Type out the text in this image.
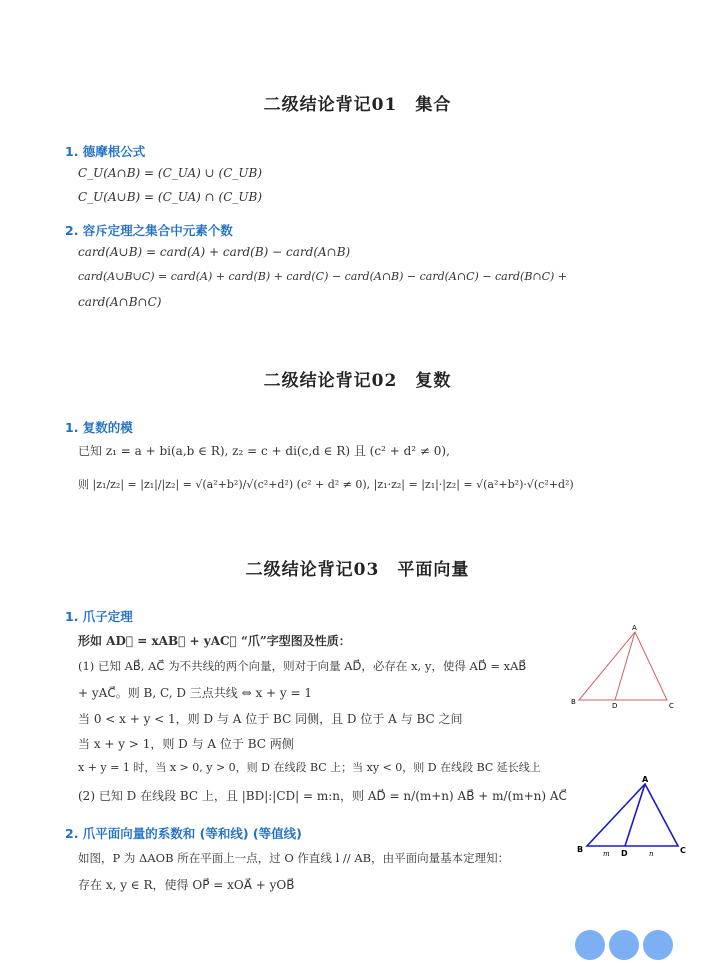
二级结论背记01　集合
1. 德摩根公式
C_U(A∩B) = (C_UA) ∪ (C_UB)
C_U(A∪B) = (C_UA) ∩ (C_UB)
2. 容斥定理之集合中元素个数
card(A∪B) = card(A) + card(B) − card(A∩B)
card(A∪B∪C) = card(A) + card(B) + card(C) − card(A∩B) − card(A∩C) − card(B∩C) +
card(A∩B∩C)
二级结论背记02　复数
1. 复数的模
已知 z₁ = a + bi(a,b ∈ R), z₂ = c + di(c,d ∈ R) 且 (c² + d² ≠ 0),
则 |z₁/z₂| = |z₁|/|z₂| = √(a²+b²)/√(c²+d²) (c² + d² ≠ 0), |z₁·z₂| = |z₁|·|z₂| = √(a²+b²)·√(c²+d²)
二级结论背记03　平面向量
1. 爪子定理
形如 AD⃗ = xAB⃗ + yAC⃗ “爪”字型图及性质：
(1) 已知 AB⃗, AC⃗ 为不共线的两个向量，则对于向量 AD⃗，必存在 x, y，使得 AD⃗ = xAB⃗
+ yAC⃗。则 B, C, D 三点共线 ⇔ x + y = 1
当 0 < x + y < 1，则 D 与 A 位于 BC 同侧，且 D 位于 A 与 BC 之间
当 x + y > 1，则 D 与 A 位于 BC 两侧
x + y = 1 时，当 x > 0, y > 0，则 D 在线段 BC 上；当 xy < 0，则 D 在线段 BC 延长线上
(2) 已知 D 在线段 BC 上，且 |BD|:|CD| = m:n，则 AD⃗ = n/(m+n) AB⃗ + m/(m+n) AC⃗
2. 爪平面向量的系数和 (等和线) (等值线)
如图，P 为 ΔAOB 所在平面上一点，过 O 作直线 l // AB，由平面向量基本定理知：
存在 x, y ∈ R，使得 OP⃗ = xOA⃗ + yOB⃗
A
B	C
D
A
B	C
D
m	n
